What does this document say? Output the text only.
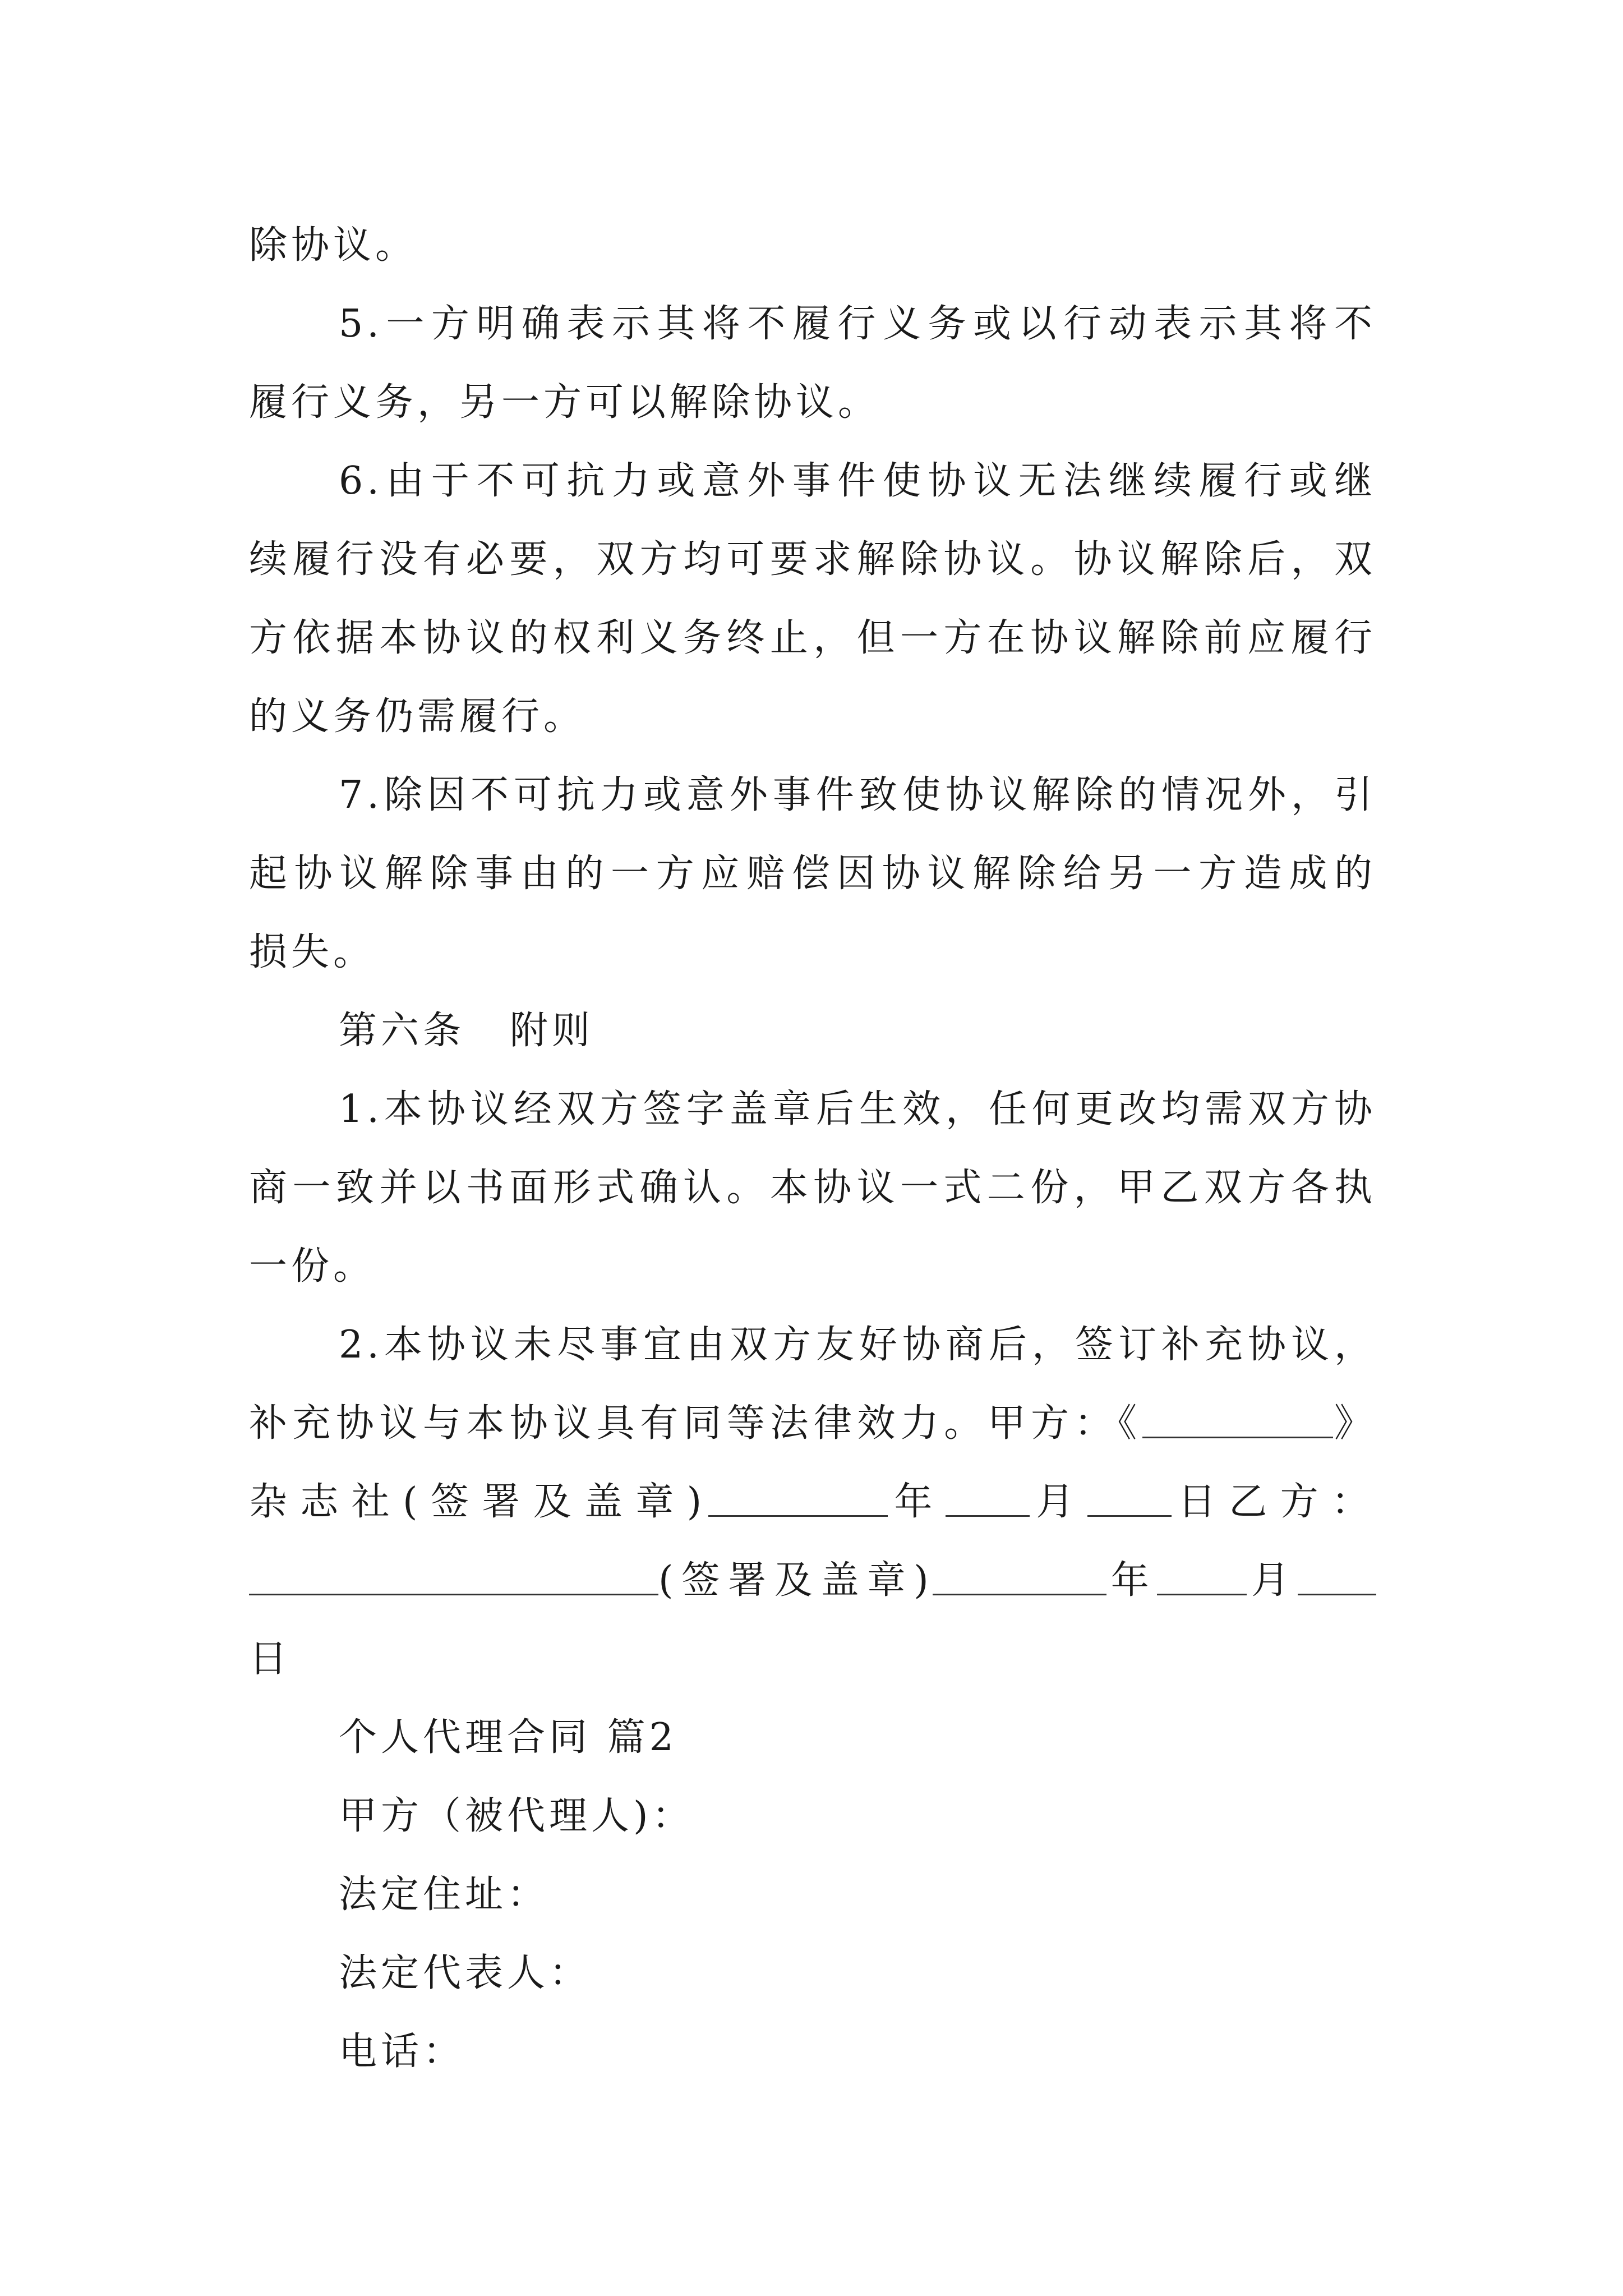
除协议。
5.一方明确表示其将不履行义务或以行动表示其将不
履行义务，另一方可以解除协议。
6.由于不可抗力或意外事件使协议无法继续履行或继
续履行没有必要，双方均可要求解除协议。协议解除后，双
方依据本协议的权利义务终止，但一方在协议解除前应履行
的义务仍需履行。
7.除因不可抗力或意外事件致使协议解除的情况外，引
起协议解除事由的一方应赔偿因协议解除给另一方造成的
损失。
第六条 附则
1.本协议经双方签字盖章后生效，任何更改均需双方协
商一致并以书面形式确认。本协议一式二份，甲乙双方各执
一份。
2.本协议未尽事宜由双方友好协商后，签订补充协议，
补充协议与本协议具有同等法律效力。甲方：《	》
杂志社(签署及盖章)	年 月 日乙方：
(签署及盖章)	年 月
日
个人代理合同 篇2
甲方（被代理人)：
法定住址：
法定代表人：
电话：
